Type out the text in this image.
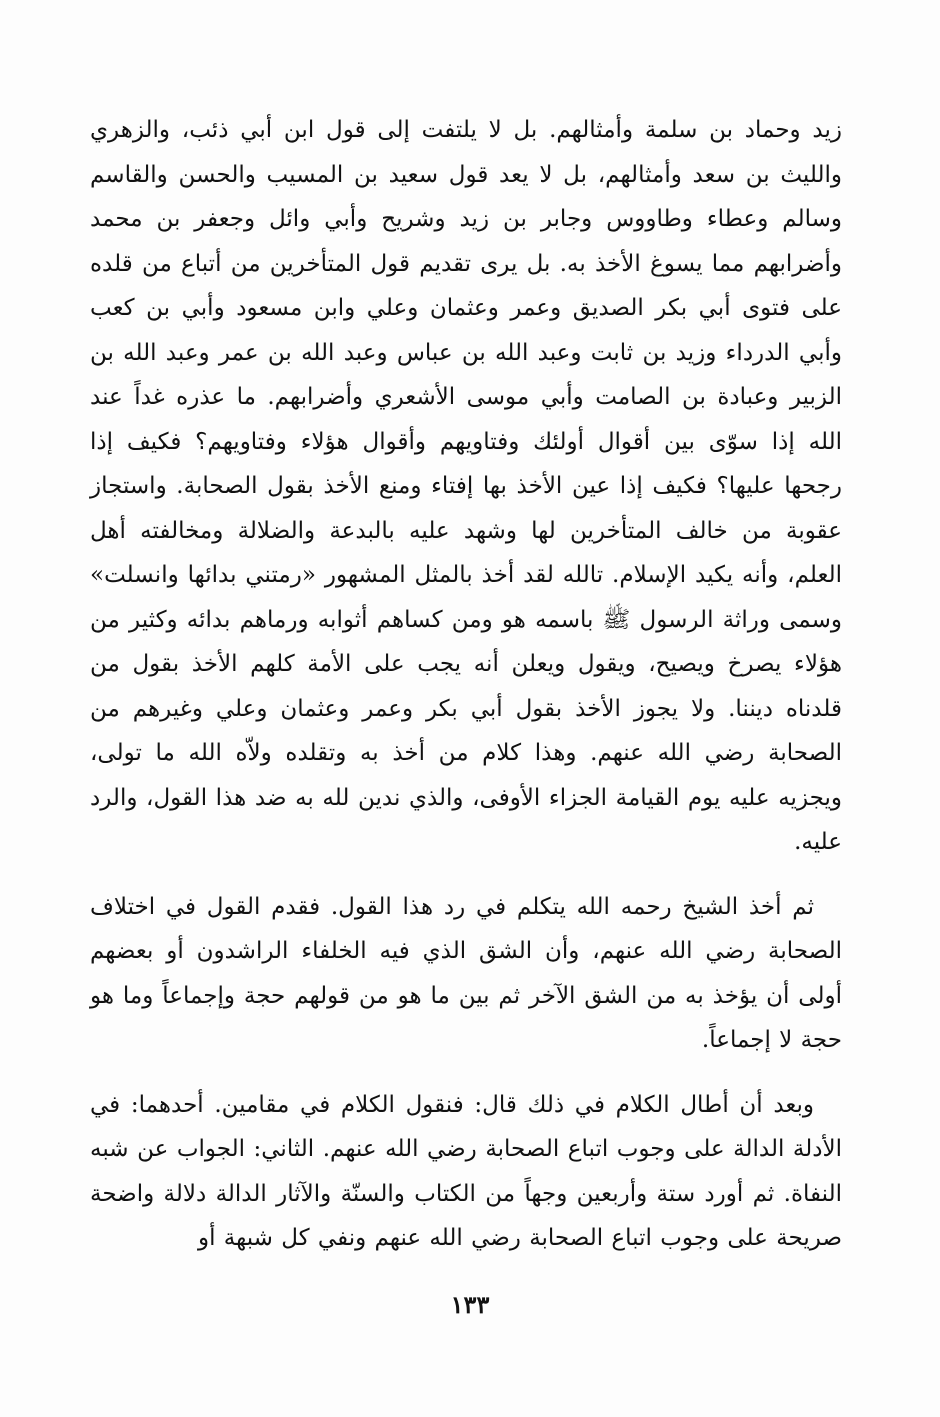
زيد وحماد بن سلمة وأمثالهم. بل لا يلتفت إلى قول ابن أبي ذئب، والزهري والليث بن سعد وأمثالهم، بل لا يعد قول سعيد بن المسيب والحسن والقاسم وسالم وعطاء وطاووس وجابر بن زيد وشريح وأبي وائل وجعفر بن محمد وأضرابهم مما يسوغ الأخذ به. بل يرى تقديم قول المتأخرين من أتباع من قلده على فتوى أبي بكر الصديق وعمر وعثمان وعلي وابن مسعود وأبي بن كعب وأبي الدرداء وزيد بن ثابت وعبد الله بن عباس وعبد الله بن عمر وعبد الله بن الزبير وعبادة بن الصامت وأبي موسى الأشعري وأضرابهم. ما عذره غداً عند الله إذا سوّى بين أقوال أولئك وفتاويهم وأقوال هؤلاء وفتاويهم؟ فكيف إذا رجحها عليها؟ فكيف إذا عين الأخذ بها إفتاء ومنع الأخذ بقول الصحابة. واستجاز عقوبة من خالف المتأخرين لها وشهد عليه بالبدعة والضلالة ومخالفته أهل العلم، وأنه يكيد الإسلام. تالله لقد أخذ بالمثل المشهور «رمتني بدائها وانسلت» وسمى وراثة الرسول ﷺ باسمه هو ومن كساهم أثوابه ورماهم بدائه وكثير من هؤلاء يصرخ ويصيح، ويقول ويعلن أنه يجب على الأمة كلهم الأخذ بقول من قلدناه ديننا. ولا يجوز الأخذ بقول أبي بكر وعمر وعثمان وعلي وغيرهم من الصحابة رضي الله عنهم. وهذا كلام من أخذ به وتقلده ولاّه الله ما تولى، ويجزيه عليه يوم القيامة الجزاء الأوفى، والذي ندين لله به ضد هذا القول، والرد عليه.

ثم أخذ الشيخ رحمه الله يتكلم في رد هذا القول. فقدم القول في اختلاف الصحابة رضي الله عنهم، وأن الشق الذي فيه الخلفاء الراشدون أو بعضهم أولى أن يؤخذ به من الشق الآخر ثم بين ما هو من قولهم حجة وإجماعاً وما هو حجة لا إجماعاً.

وبعد أن أطال الكلام في ذلك قال: فنقول الكلام في مقامين. أحدهما: في الأدلة الدالة على وجوب اتباع الصحابة رضي الله عنهم. الثاني: الجواب عن شبه النفاة. ثم أورد ستة وأربعين وجهاً من الكتاب والسنّة والآثار الدالة دلالة واضحة صريحة على وجوب اتباع الصحابة رضي الله عنهم ونفي كل شبهة أو

١٣٣
